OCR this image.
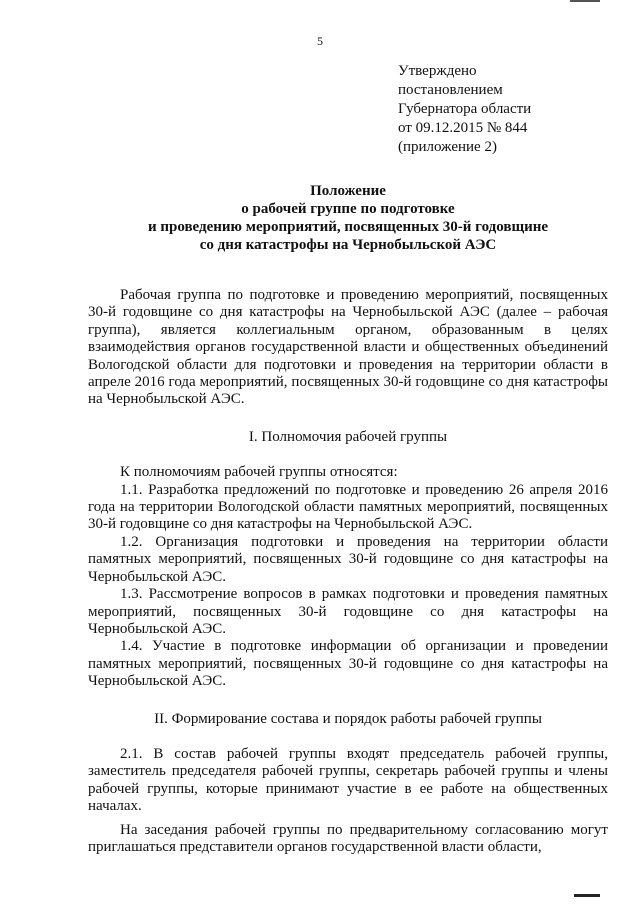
5
Утверждено
постановлением
Губернатора области
от 09.12.2015 № 844
(приложение 2)
Положение
о рабочей группе по подготовке
и проведению мероприятий, посвященных 30-й годовщине
со дня катастрофы на Чернобыльской АЭС

Рабочая группа по подготовке и проведению мероприятий, посвященных 30-й годовщине со дня катастрофы на Чернобыльской АЭС (далее – рабочая группа), является коллегиальным органом, образованным в целях взаимодействия органов государственной власти и общественных объединений Вологодской области для подготовки и проведения на территории области в апреле 2016 года мероприятий, посвященных 30-й годовщине со дня катастрофы на Чернобыльской АЭС.

I. Полномочия рабочей группы

К полномочиям рабочей группы относятся:

1.1. Разработка предложений по подготовке и проведению 26 апреля 2016 года на территории Вологодской области памятных мероприятий, посвященных 30-й годовщине со дня катастрофы на Чернобыльской АЭС.

1.2. Организация подготовки и проведения на территории области памятных мероприятий, посвященных 30-й годовщине со дня катастрофы на Чернобыльской АЭС.

1.3. Рассмотрение вопросов в рамках подготовки и проведения памятных мероприятий, посвященных 30-й годовщине со дня катастрофы на Чернобыльской АЭС.

1.4. Участие в подготовке информации об организации и проведении памятных мероприятий, посвященных 30-й годовщине со дня катастрофы на Чернобыльской АЭС.

II. Формирование состава и порядок работы рабочей группы

2.1. В состав рабочей группы входят председатель рабочей группы, заместитель председателя рабочей группы, секретарь рабочей группы и члены рабочей группы, которые принимают участие в ее работе на общественных началах.

На заседания рабочей группы по предварительному согласованию могут приглашаться представители органов государственной власти области,
